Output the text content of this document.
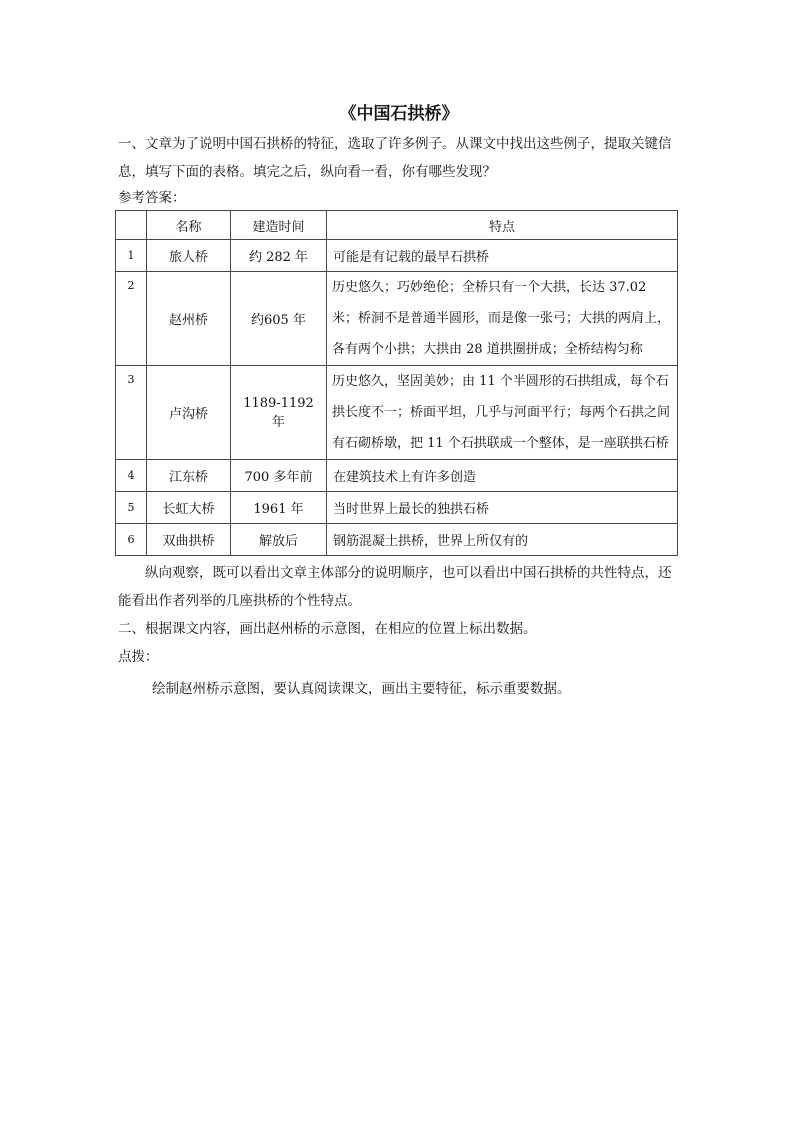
《中国石拱桥》
一、文章为了说明中国石拱桥的特征，选取了许多例子。从课文中找出这些例子，提取关键信息，填写下面的表格。填完之后，纵向看一看，你有哪些发现？
参考答案：
	名称	建造时间	特点
1	旅人桥	约 282 年	可能是有记载的最早石拱桥
2	赵州桥	约605 年	历史悠久；巧妙绝伦；全桥只有一个大拱，长达 37.02 米；桥洞不是普通半圆形，而是像一张弓；大拱的两肩上，各有两个小拱；大拱由 28 道拱圈拼成；全桥结构匀称
3	卢沟桥	1189-1192 年	历史悠久，坚固美妙；由 11 个半圆形的石拱组成，每个石拱长度不一；桥面平坦，几乎与河面平行；每两个石拱之间有石砌桥墩，把 11 个石拱联成一个整体，是一座联拱石桥
4	江东桥	700 多年前	在建筑技术上有许多创造
5	长虹大桥	1961 年	当时世界上最长的独拱石桥
6	双曲拱桥	解放后	钢筋混凝土拱桥，世界上所仅有的
纵向观察，既可以看出文章主体部分的说明顺序，也可以看出中国石拱桥的共性特点，还能看出作者列举的几座拱桥的个性特点。
二、根据课文内容，画出赵州桥的示意图，在相应的位置上标出数据。
点拨：
绘制赵州桥示意图，要认真阅读课文，画出主要特征，标示重要数据。
